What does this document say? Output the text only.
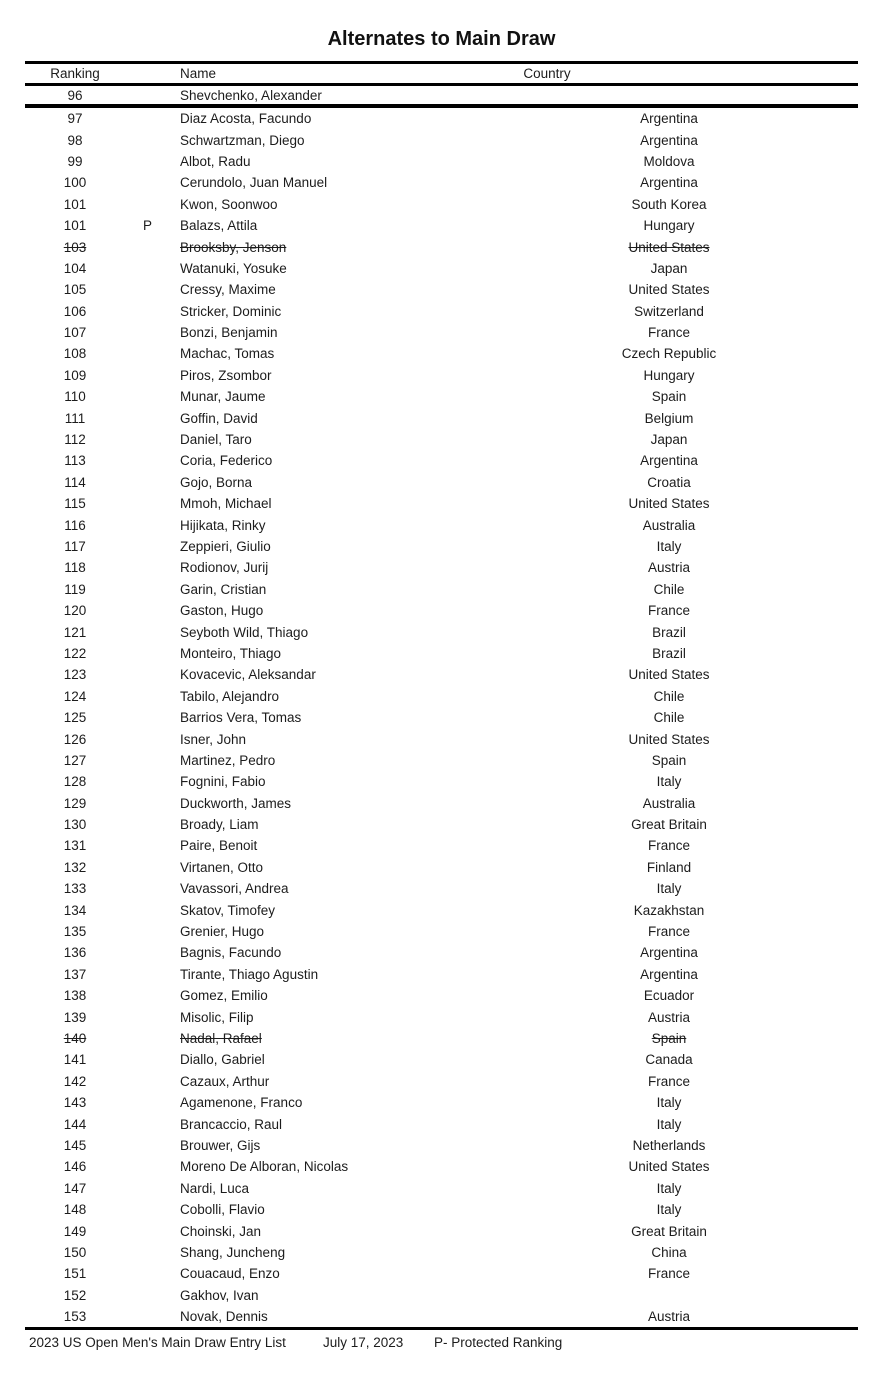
Alternates to Main Draw
Ranking	Name	Country
96	Shevchenko, Alexander
97	Diaz Acosta, Facundo	Argentina
98	Schwartzman, Diego	Argentina
99	Albot, Radu	Moldova
100	Cerundolo, Juan Manuel	Argentina
101	Kwon, Soonwoo	South Korea
101	P	Balazs, Attila	Hungary
103	Brooksby, Jenson	United States
104	Watanuki, Yosuke	Japan
105	Cressy, Maxime	United States
106	Stricker, Dominic	Switzerland
107	Bonzi, Benjamin	France
108	Machac, Tomas	Czech Republic
109	Piros, Zsombor	Hungary
110	Munar, Jaume	Spain
111	Goffin, David	Belgium
112	Daniel, Taro	Japan
113	Coria, Federico	Argentina
114	Gojo, Borna	Croatia
115	Mmoh, Michael	United States
116	Hijikata, Rinky	Australia
117	Zeppieri, Giulio	Italy
118	Rodionov, Jurij	Austria
119	Garin, Cristian	Chile
120	Gaston, Hugo	France
121	Seyboth Wild, Thiago	Brazil
122	Monteiro, Thiago	Brazil
123	Kovacevic, Aleksandar	United States
124	Tabilo, Alejandro	Chile
125	Barrios Vera, Tomas	Chile
126	Isner, John	United States
127	Martinez, Pedro	Spain
128	Fognini, Fabio	Italy
129	Duckworth, James	Australia
130	Broady, Liam	Great Britain
131	Paire, Benoit	France
132	Virtanen, Otto	Finland
133	Vavassori, Andrea	Italy
134	Skatov, Timofey	Kazakhstan
135	Grenier, Hugo	France
136	Bagnis, Facundo	Argentina
137	Tirante, Thiago Agustin	Argentina
138	Gomez, Emilio	Ecuador
139	Misolic, Filip	Austria
140	Nadal, Rafael	Spain
141	Diallo, Gabriel	Canada
142	Cazaux, Arthur	France
143	Agamenone, Franco	Italy
144	Brancaccio, Raul	Italy
145	Brouwer, Gijs	Netherlands
146	Moreno De Alboran, Nicolas	United States
147	Nardi, Luca	Italy
148	Cobolli, Flavio	Italy
149	Choinski, Jan	Great Britain
150	Shang, Juncheng	China
151	Couacaud, Enzo	France
152	Gakhov, Ivan
153	Novak, Dennis	Austria
2023 US Open Men's Main Draw Entry List	July 17, 2023 P- Protected Ranking
